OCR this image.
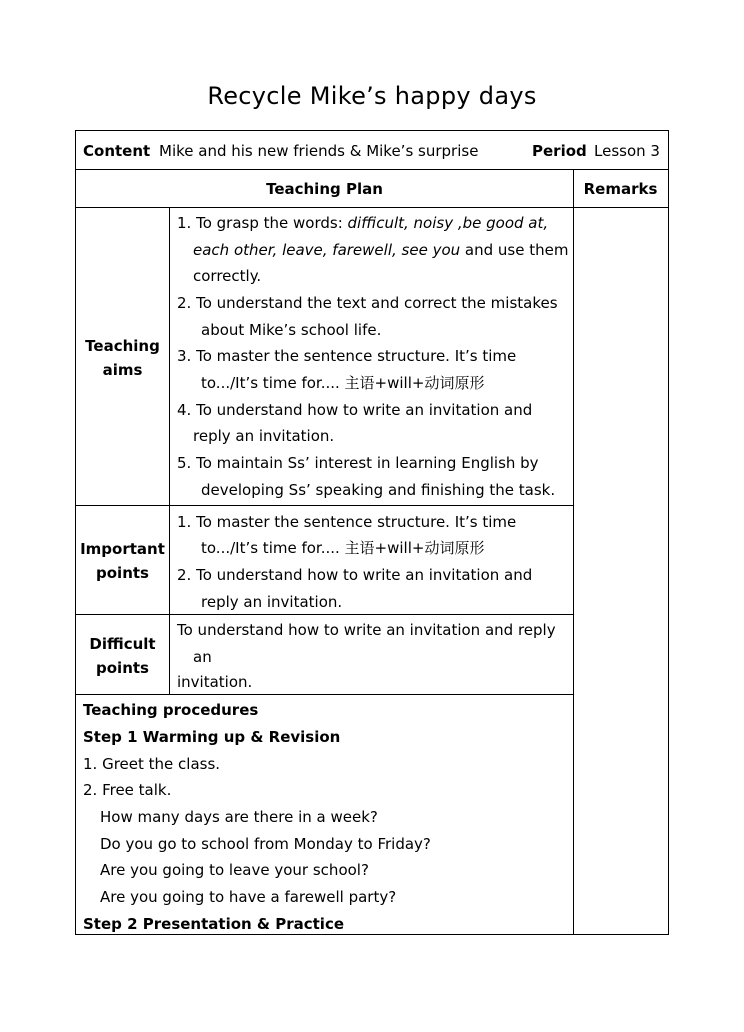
Recycle Mike’s happy days
Content Mike and his new friends & Mike’s surprise	Period Lesson 3
Teaching Plan	Remarks
Teaching
aims
1. To grasp the words: difficult, noisy ,be good at,
each other, leave, farewell, see you and use them
correctly.
2. To understand the text and correct the mistakes
about Mike’s school life.
3. To master the sentence structure. It’s time
to.../It’s time for.... 主语+will+动词原形
4. To understand how to write an invitation and
reply an invitation.
5. To maintain Ss’ interest in learning English by
developing Ss’ speaking and finishing the task.
Important
points
1. To master the sentence structure. It’s time
to.../It’s time for.... 主语+will+动词原形
2. To understand how to write an invitation and
reply an invitation.
Difficult
points
To understand how to write an invitation and reply
an
invitation.
Teaching procedures
Step 1 Warming up & Revision
1. Greet the class.
2. Free talk.
How many days are there in a week?
Do you go to school from Monday to Friday?
Are you going to leave your school?
Are you going to have a farewell party?
Step 2 Presentation & Practice
